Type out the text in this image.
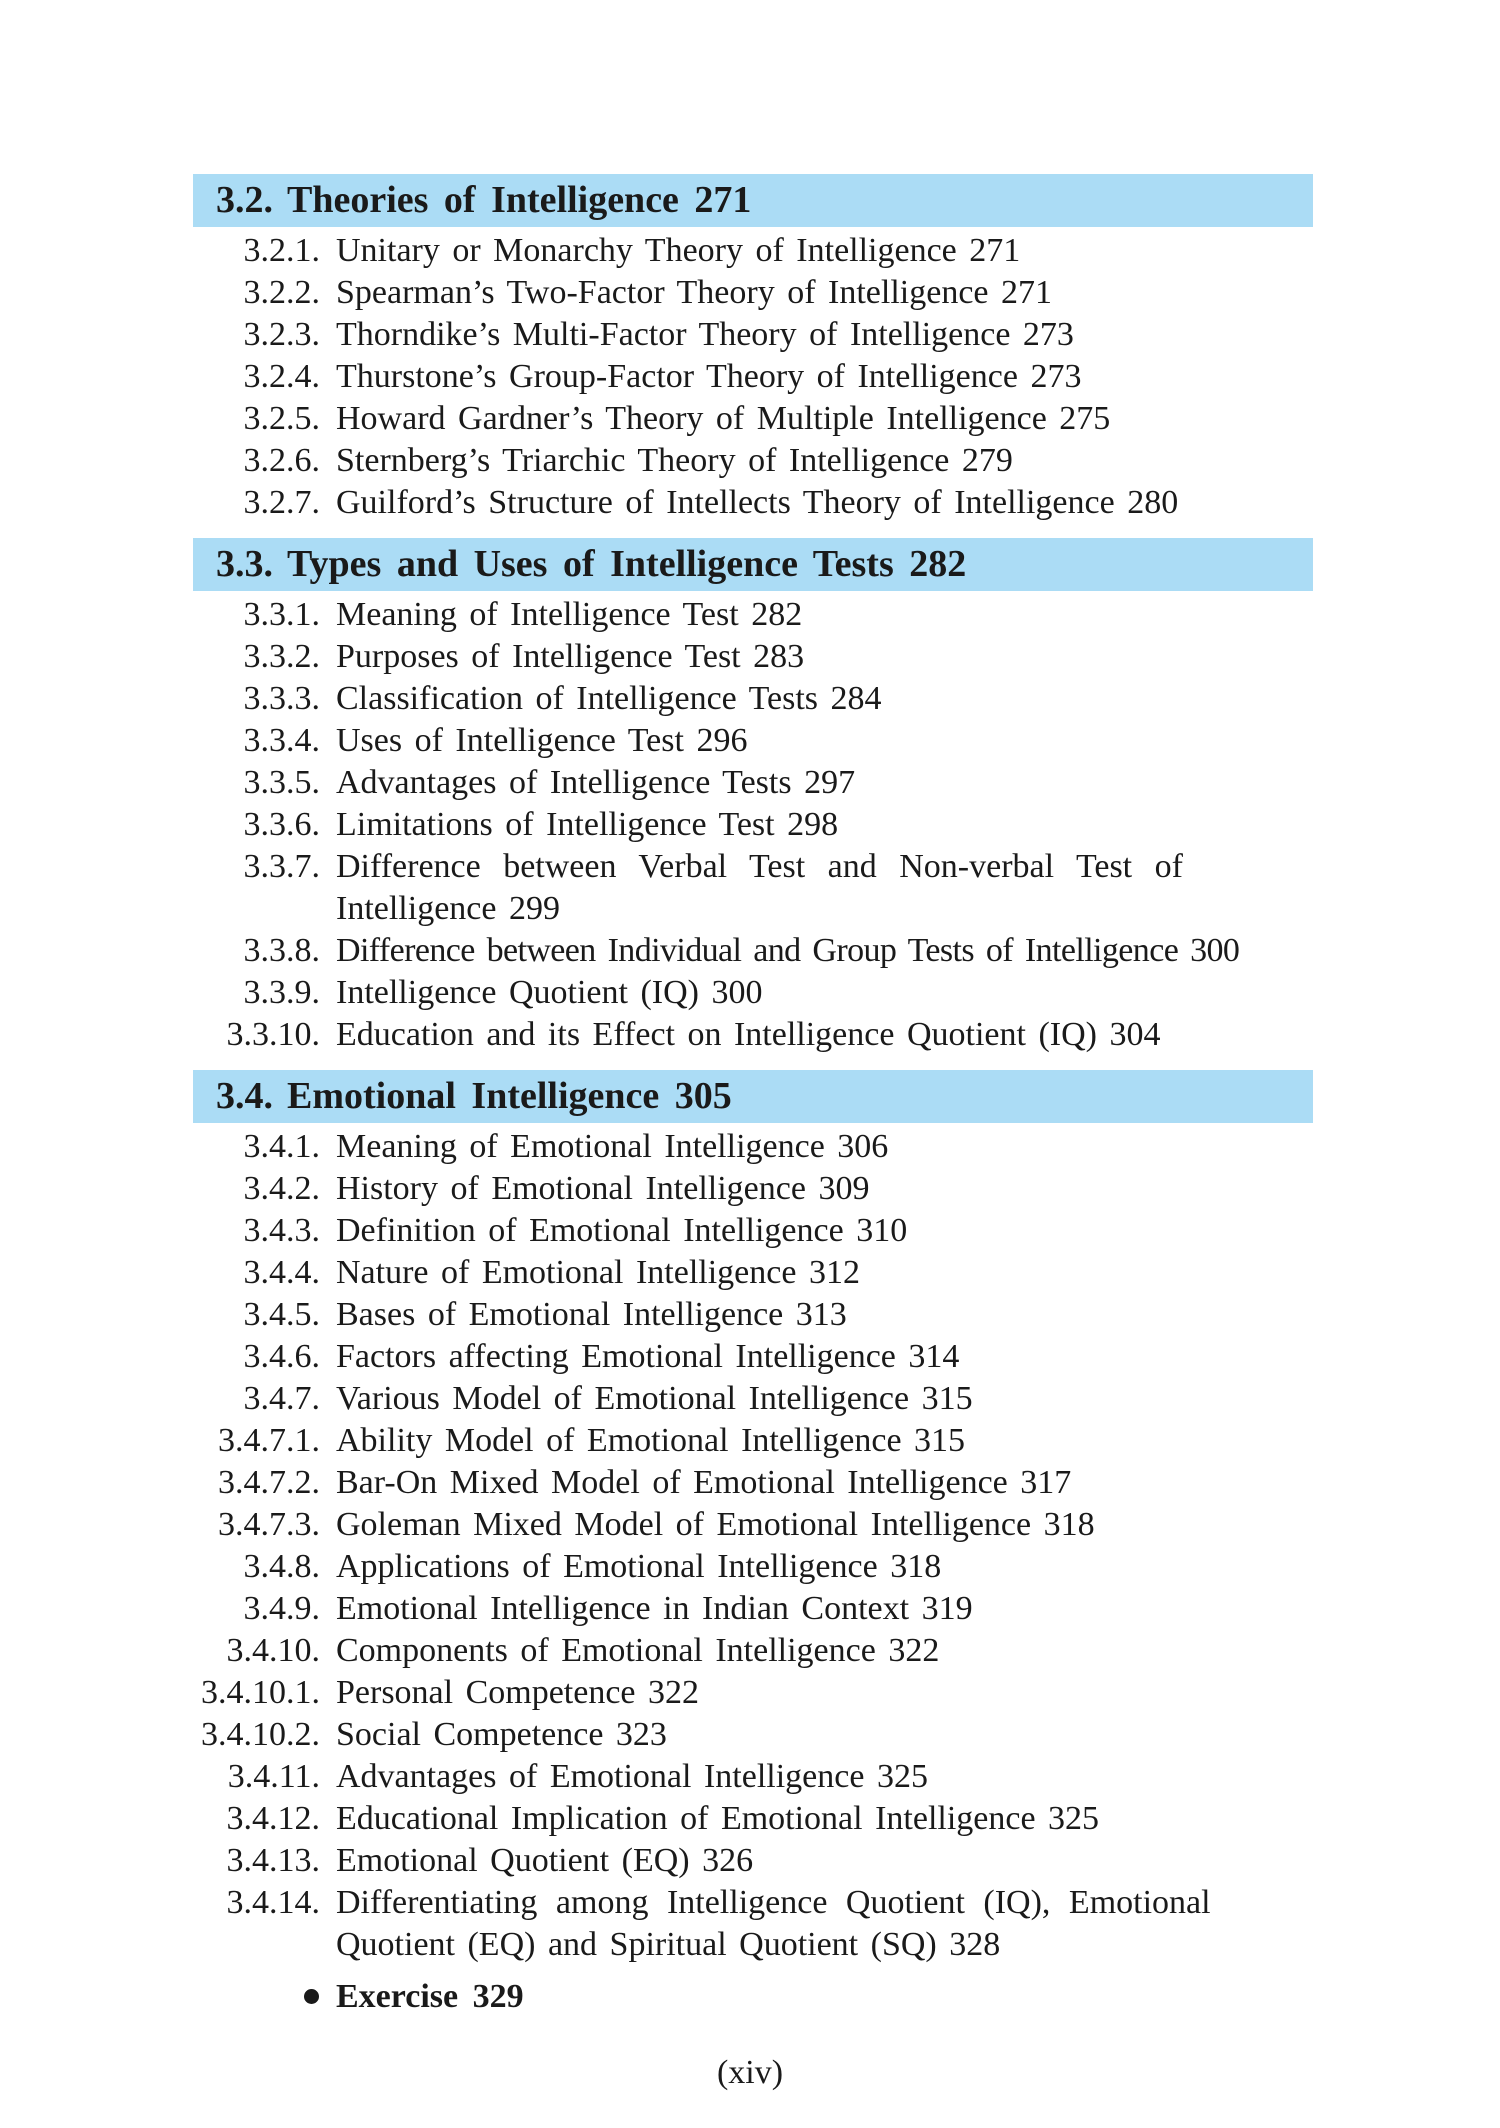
3.2. Theories of Intelligence 271
3.2.1. Unitary or Monarchy Theory of Intelligence 271
3.2.2. Spearman’s Two-Factor Theory of Intelligence 271
3.2.3. Thorndike’s Multi-Factor Theory of Intelligence 273
3.2.4. Thurstone’s Group-Factor Theory of Intelligence 273
3.2.5. Howard Gardner’s Theory of Multiple Intelligence 275
3.2.6. Sternberg’s Triarchic Theory of Intelligence 279
3.2.7. Guilford’s Structure of Intellects Theory of Intelligence 280
3.3. Types and Uses of Intelligence Tests 282
3.3.1. Meaning of Intelligence Test 282
3.3.2. Purposes of Intelligence Test 283
3.3.3. Classification of Intelligence Tests 284
3.3.4. Uses of Intelligence Test 296
3.3.5. Advantages of Intelligence Tests 297
3.3.6. Limitations of Intelligence Test 298
3.3.7. Difference between Verbal Test and Non-verbal Test of
Intelligence 299
3.3.8. Difference between Individual and Group Tests of Intelligence 300
3.3.9. Intelligence Quotient (IQ) 300
3.3.10. Education and its Effect on Intelligence Quotient (IQ) 304
3.4. Emotional Intelligence 305
3.4.1. Meaning of Emotional Intelligence 306
3.4.2. History of Emotional Intelligence 309
3.4.3. Definition of Emotional Intelligence 310
3.4.4. Nature of Emotional Intelligence 312
3.4.5. Bases of Emotional Intelligence 313
3.4.6. Factors affecting Emotional Intelligence 314
3.4.7. Various Model of Emotional Intelligence 315
3.4.7.1. Ability Model of Emotional Intelligence 315
3.4.7.2. Bar-On Mixed Model of Emotional Intelligence 317
3.4.7.3. Goleman Mixed Model of Emotional Intelligence 318
3.4.8. Applications of Emotional Intelligence 318
3.4.9. Emotional Intelligence in Indian Context 319
3.4.10. Components of Emotional Intelligence 322
3.4.10.1. Personal Competence 322
3.4.10.2. Social Competence 323
3.4.11. Advantages of Emotional Intelligence 325
3.4.12. Educational Implication of Emotional Intelligence 325
3.4.13. Emotional Quotient (EQ) 326
3.4.14. Differentiating among Intelligence Quotient (IQ), Emotional
Quotient (EQ) and Spiritual Quotient (SQ) 328
Exercise 329
(xiv)
